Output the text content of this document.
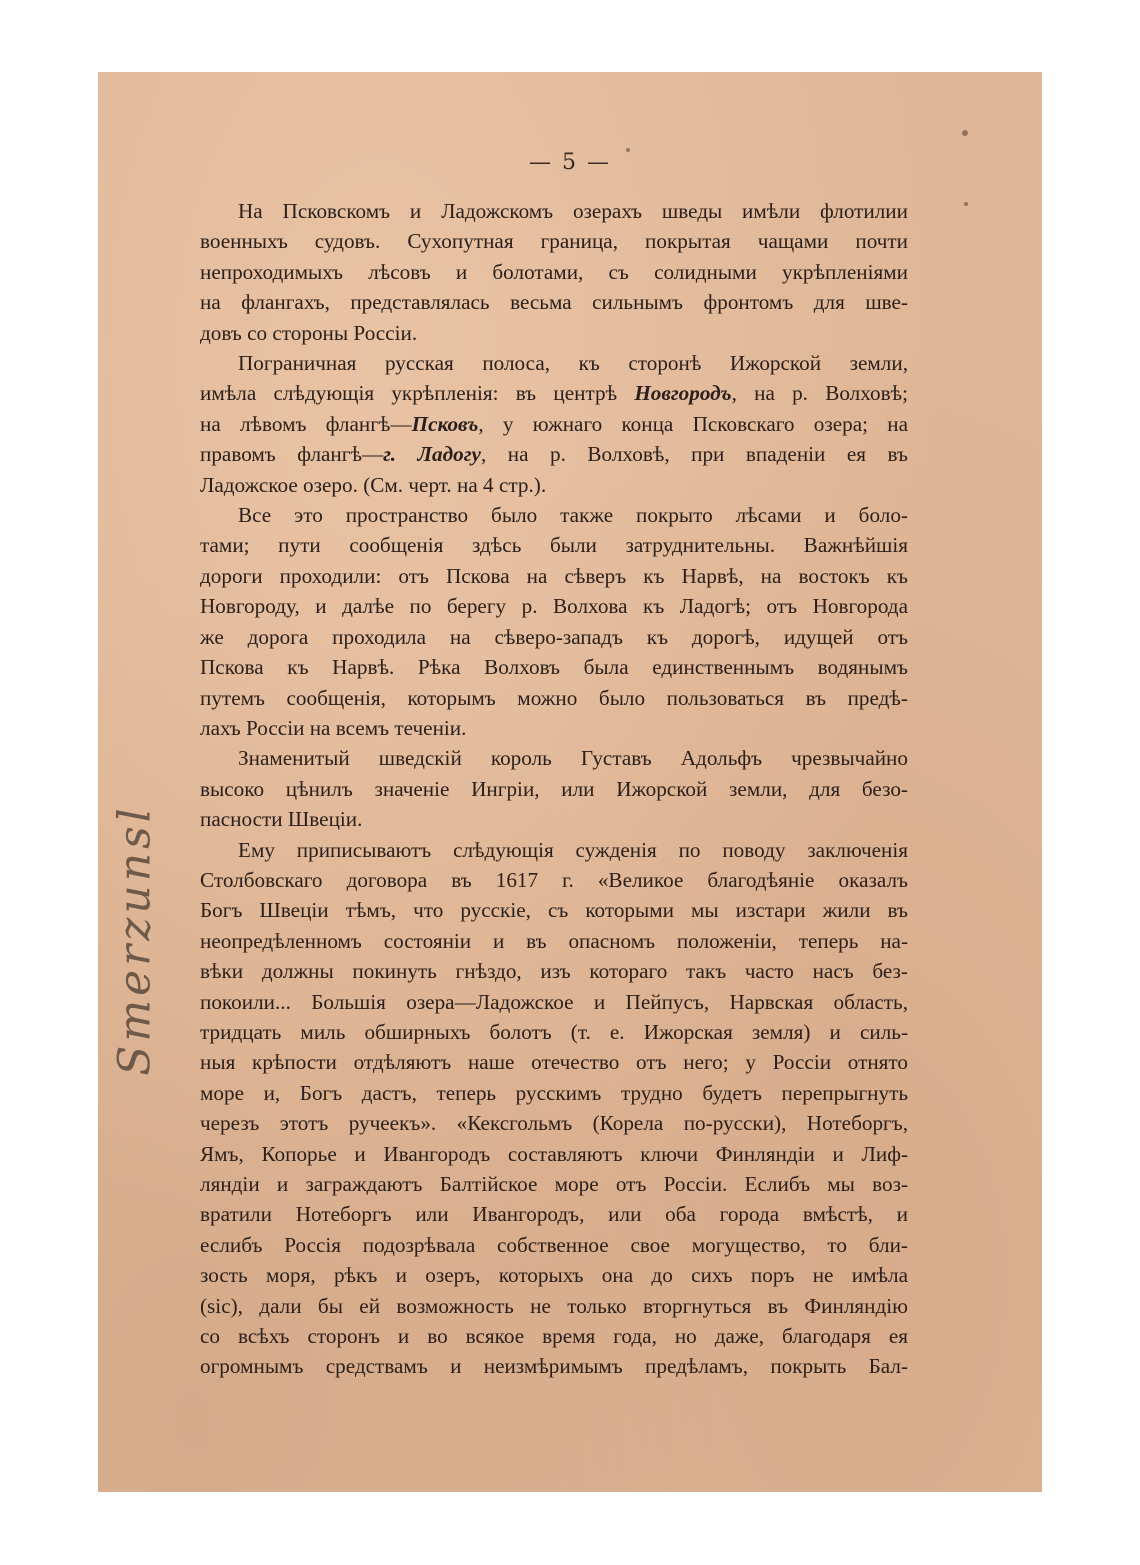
— 5 —
Smerzunsl
На Псковскомъ и Ладожскомъ озерахъ шведы имѣли флотилии
военныхъ судовъ. Сухопутная граница, покрытая чащами почти
непроходимыхъ лѣсовъ и болотами, съ солидными укрѣпленіями
на флангахъ, представлялась весьма сильнымъ фронтомъ для шве-
довъ со стороны Россіи.
Пограничная русская полоса, къ сторонѣ Ижорской земли,
имѣла слѣдующія укрѣпленія: въ центрѣ Новгородъ, на р. Волховѣ;
на лѣвомъ флангѣ—Псковъ, у южнаго конца Псковскаго озера; на
правомъ флангѣ—г. Ладогу, на р. Волховѣ, при впаденіи ея въ
Ладожское озеро. (См. черт. на 4 стр.).
Все это пространство было также покрыто лѣсами и боло-
тами; пути сообщенія здѣсь были затруднительны. Важнѣйшія
дороги проходили: отъ Пскова на сѣверъ къ Нарвѣ, на востокъ къ
Новгороду, и далѣе по берегу р. Волхова къ Ладогѣ; отъ Новгорода
же дорога проходила на сѣверо-западъ къ дорогѣ, идущей отъ
Пскова къ Нарвѣ. Рѣка Волховъ была единственнымъ водянымъ
путемъ сообщенія, которымъ можно было пользоваться въ предѣ-
лахъ Россіи на всемъ теченіи.
Знаменитый шведскій король Густавъ Адольфъ чрезвычайно
высоко цѣнилъ значеніе Ингріи, или Ижорской земли, для безо-
пасности Швеціи.
Ему приписываютъ слѣдующія сужденія по поводу заключенія
Столбовскаго договора въ 1617 г. «Великое благодѣяніе оказалъ
Богъ Швеціи тѣмъ, что русскіе, съ которыми мы изстари жили въ
неопредѣленномъ состояніи и въ опасномъ положеніи, теперь на-
вѣки должны покинуть гнѣздо, изъ котораго такъ часто насъ без-
покоили... Большія озера—Ладожское и Пейпусъ, Нарвская область,
тридцать миль обширныхъ болотъ (т. е. Ижорская земля) и силь-
ныя крѣпости отдѣляютъ наше отечество отъ него; у Россіи отнято
море и, Богъ дастъ, теперь русскимъ трудно будетъ перепрыгнуть
черезъ этотъ ручеекъ». «Кексгольмъ (Корела по-русски), Нотеборгъ,
Ямъ, Копорье и Ивангородъ составляютъ ключи Финляндіи и Лиф-
ляндіи и заграждаютъ Балтійское море отъ Россіи. Еслибъ мы воз-
вратили Нотеборгъ или Ивангородъ, или оба города вмѣстѣ, и
еслибъ Россія подозрѣвала собственное свое могущество, то бли-
зость моря, рѣкъ и озеръ, которыхъ она до сихъ поръ не имѣла
(sic), дали бы ей возможность не только вторгнуться въ Финляндію
со всѣхъ сторонъ и во всякое время года, но даже, благодаря ея
огромнымъ средствамъ и неизмѣримымъ предѣламъ, покрыть Бал-
